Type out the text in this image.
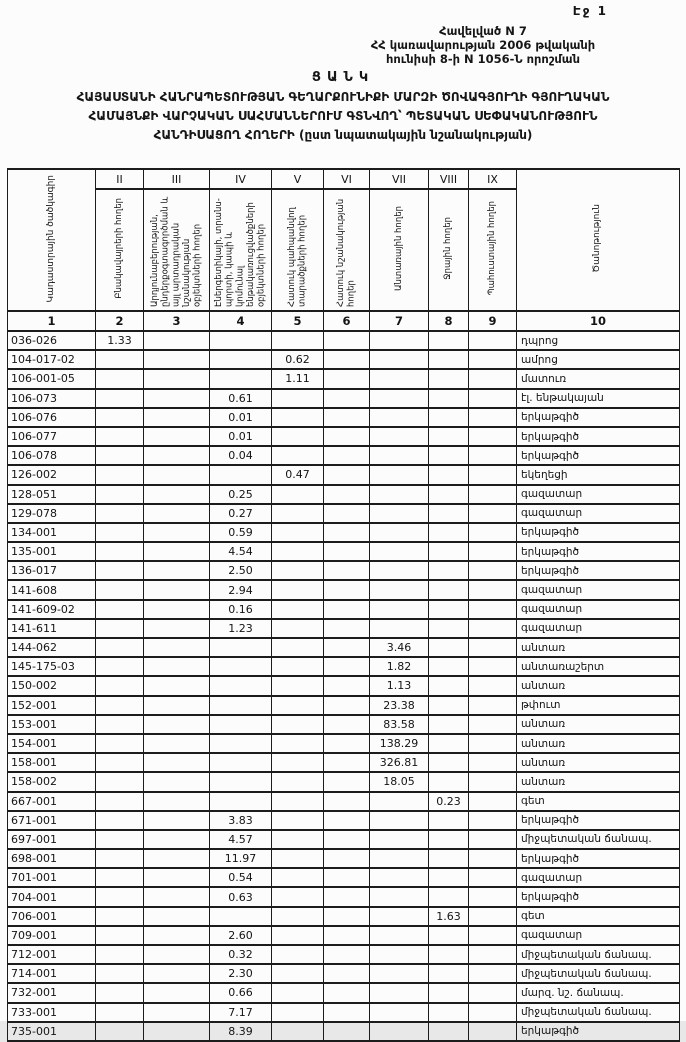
Էջ 1
Հավելված N 7
ՀՀ կառավարության 2006 թվականի
հունիսի 8-ի N 1056-Ն որոշման
ՑԱՆԿ
ՀԱՅԱՍՏԱՆԻ ՀԱՆՐԱՊԵՏՈՒԹՅԱՆ ԳԵՂԱՐՔՈՒՆԻՔԻ ՄԱՐԶԻ ԾՈՎԱԳՅՈՒՂԻ ԳՅՈՒՂԱԿԱՆ
ՀԱՄԱՅՆՔԻ ՎԱՐՉԱԿԱՆ ՍԱՀՄԱՆՆԵՐՈՒՄ ԳՏՆՎՈՂ՝ ՊԵՏԱԿԱՆ ՍԵՓԱԿԱՆՈՒԹՅՈՒՆ
ՀԱՆԴԻՍԱՑՈՂ ՀՈՂԵՐԻ (ըստ նպատակային նշանակության)
Կադաստրային ծածկագիր	II	III	IV	V	VI	VII	VIII	IX	Ծանոթություն
	Բնակավայրերի հողեր	Արդյունաբերության, ընդերքօգտագործման և այլ արտադրական նշանակության օբյեկտների հողեր	Էներգետիկայի, տրանս- պորտի, կապի և կոմունալ ենթակառուցվածքների օբյեկտների հողեր	Հատուկ պահպանվող տարածքների հողեր	Հատուկ նշանակության հողեր	Անտառային հողեր	Ջրային հողեր	Պահուստային հողեր	
1	2	3	4	5	6	7	8	9	10
036-026	1.33								դպրոց
104-017-02				0.62					ամրոց
106-001-05				1.11					մատուռ
106-073			0.61						էլ. ենթակայան
106-076			0.01						երկաթգիծ
106-077			0.01						երկաթգիծ
106-078			0.04						երկաթգիծ
126-002				0.47					եկեղեցի
128-051			0.25						գազատար
129-078			0.27						գազատար
134-001			0.59						երկաթգիծ
135-001			4.54						երկաթգիծ
136-017			2.50						երկաթգիծ
141-608			2.94						գազատար
141-609-02			0.16						գազատար
141-611			1.23						գազատար
144-062						3.46			անտառ
145-175-03						1.82			անտառաշերտ
150-002						1.13			անտառ
152-001						23.38			թփուտ
153-001						83.58			անտառ
154-001						138.29			անտառ
158-001						326.81			անտառ
158-002						18.05			անտառ
667-001							0.23		գետ
671-001			3.83						երկաթգիծ
697-001			4.57						միջպետական ճանապ.
698-001			11.97						երկաթգիծ
701-001			0.54						գազատար
704-001			0.63						երկաթգիծ
706-001							1.63		գետ
709-001			2.60						գազատար
712-001			0.32						միջպետական ճանապ.
714-001			2.30						միջպետական ճանապ.
732-001			0.66						մարզ. նշ. ճանապ.
733-001			7.17						միջպետական ճանապ.
735-001			8.39						երկաթգիծ
